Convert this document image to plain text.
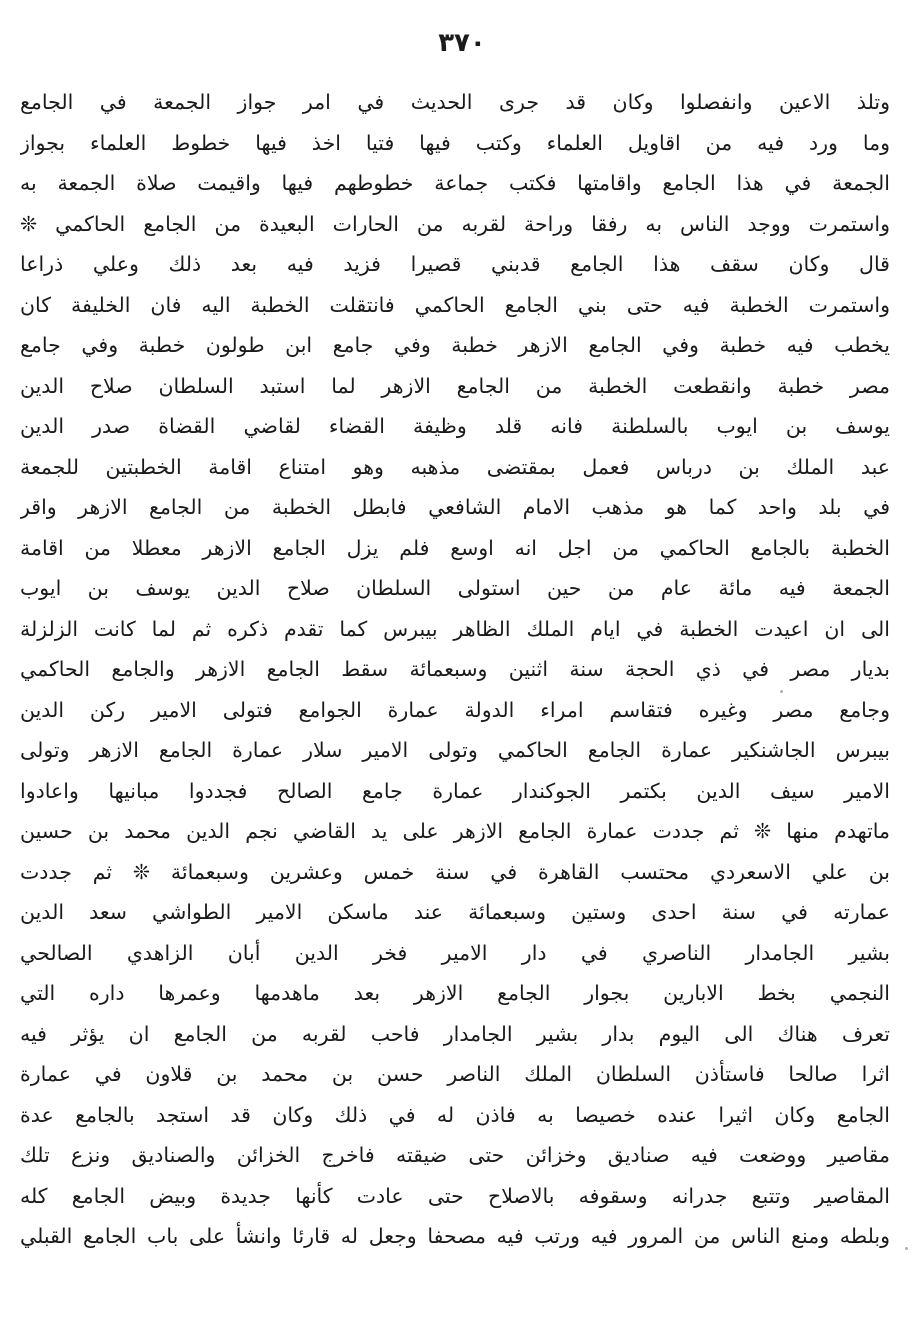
٣٧٠
وتلذ الاعين وانفصلوا وكان قد جرى الحديث في امر جواز الجمعة في الجامع
وما ورد فيه من اقاويل العلماء وكتب فيها فتيا اخذ فيها خطوط العلماء بجواز
الجمعة في هذا الجامع واقامتها فكتب جماعة خطوطهم فيها واقيمت صلاة الجمعة به
واستمرت ووجد الناس به رفقا وراحة لقربه من الحارات البعيدة من الجامع الحاكمي ❊
قال وكان سقف هذا الجامع قدبني قصيرا فزيد فيه بعد ذلك وعلي ذراعا
واستمرت الخطبة فيه حتى بني الجامع الحاكمي فانتقلت الخطبة اليه فان الخليفة كان
يخطب فيه خطبة وفي الجامع الازهر خطبة وفي جامع ابن طولون خطبة وفي جامع
مصر خطبة وانقطعت الخطبة من الجامع الازهر لما استبد السلطان صلاح الدين
يوسف بن ايوب بالسلطنة فانه قلد وظيفة القضاء لقاضي القضاة صدر الدين
عبد الملك بن درباس فعمل بمقتضى مذهبه وهو امتناع اقامة الخطبتين للجمعة
في بلد واحد كما هو مذهب الامام الشافعي فابطل الخطبة من الجامع الازهر واقر
الخطبة بالجامع الحاكمي من اجل انه اوسع فلم يزل الجامع الازهر معطلا من اقامة
الجمعة فيه مائة عام من حين استولى السلطان صلاح الدين يوسف بن ايوب
الى ان اعيدت الخطبة في ايام الملك الظاهر بيبرس كما تقدم ذكره ثم لما كانت الزلزلة
بديار مصر في ذي الحجة سنة اثنين وسبعمائة سقط الجامع الازهر والجامع الحاكمي
وجامع مصر وغيره فتقاسم امراء الدولة عمارة الجوامع فتولى الامير ركن الدين
بيبرس الجاشنكير عمارة الجامع الحاكمي وتولى الامير سلار عمارة الجامع الازهر وتولى
الامير سيف الدين بكتمر الجوكندار عمارة جامع الصالح فجددوا مبانيها واعادوا
ماتهدم منها ❊ ثم جددت عمارة الجامع الازهر على يد القاضي نجم الدين محمد بن حسين
بن علي الاسعردي محتسب القاهرة في سنة خمس وعشرين وسبعمائة ❊ ثم جددت
عمارته في سنة احدى وستين وسبعمائة عند ماسكن الامير الطواشي سعد الدين
بشير الجامدار الناصري في دار الامير فخر الدين أبان الزاهدي الصالحي
النجمي بخط الابارين بجوار الجامع الازهر بعد ماهدمها وعمرها داره التي
تعرف هناك الى اليوم بدار بشير الجامدار فاحب لقربه من الجامع ان يؤثر فيه
اثرا صالحا فاستأذن السلطان الملك الناصر حسن بن محمد بن قلاون في عمارة
الجامع وكان اثيرا عنده خصيصا به فاذن له في ذلك وكان قد استجد بالجامع عدة
مقاصير ووضعت فيه صناديق وخزائن حتى ضيقته فاخرج الخزائن والصناديق ونزع تلك
المقاصير وتتبع جدرانه وسقوفه بالاصلاح حتى عادت كأنها جديدة وبيض الجامع كله
وبلطه ومنع الناس من المرور فيه ورتب فيه مصحفا وجعل له قارئا وانشأ على باب الجامع القبلي
